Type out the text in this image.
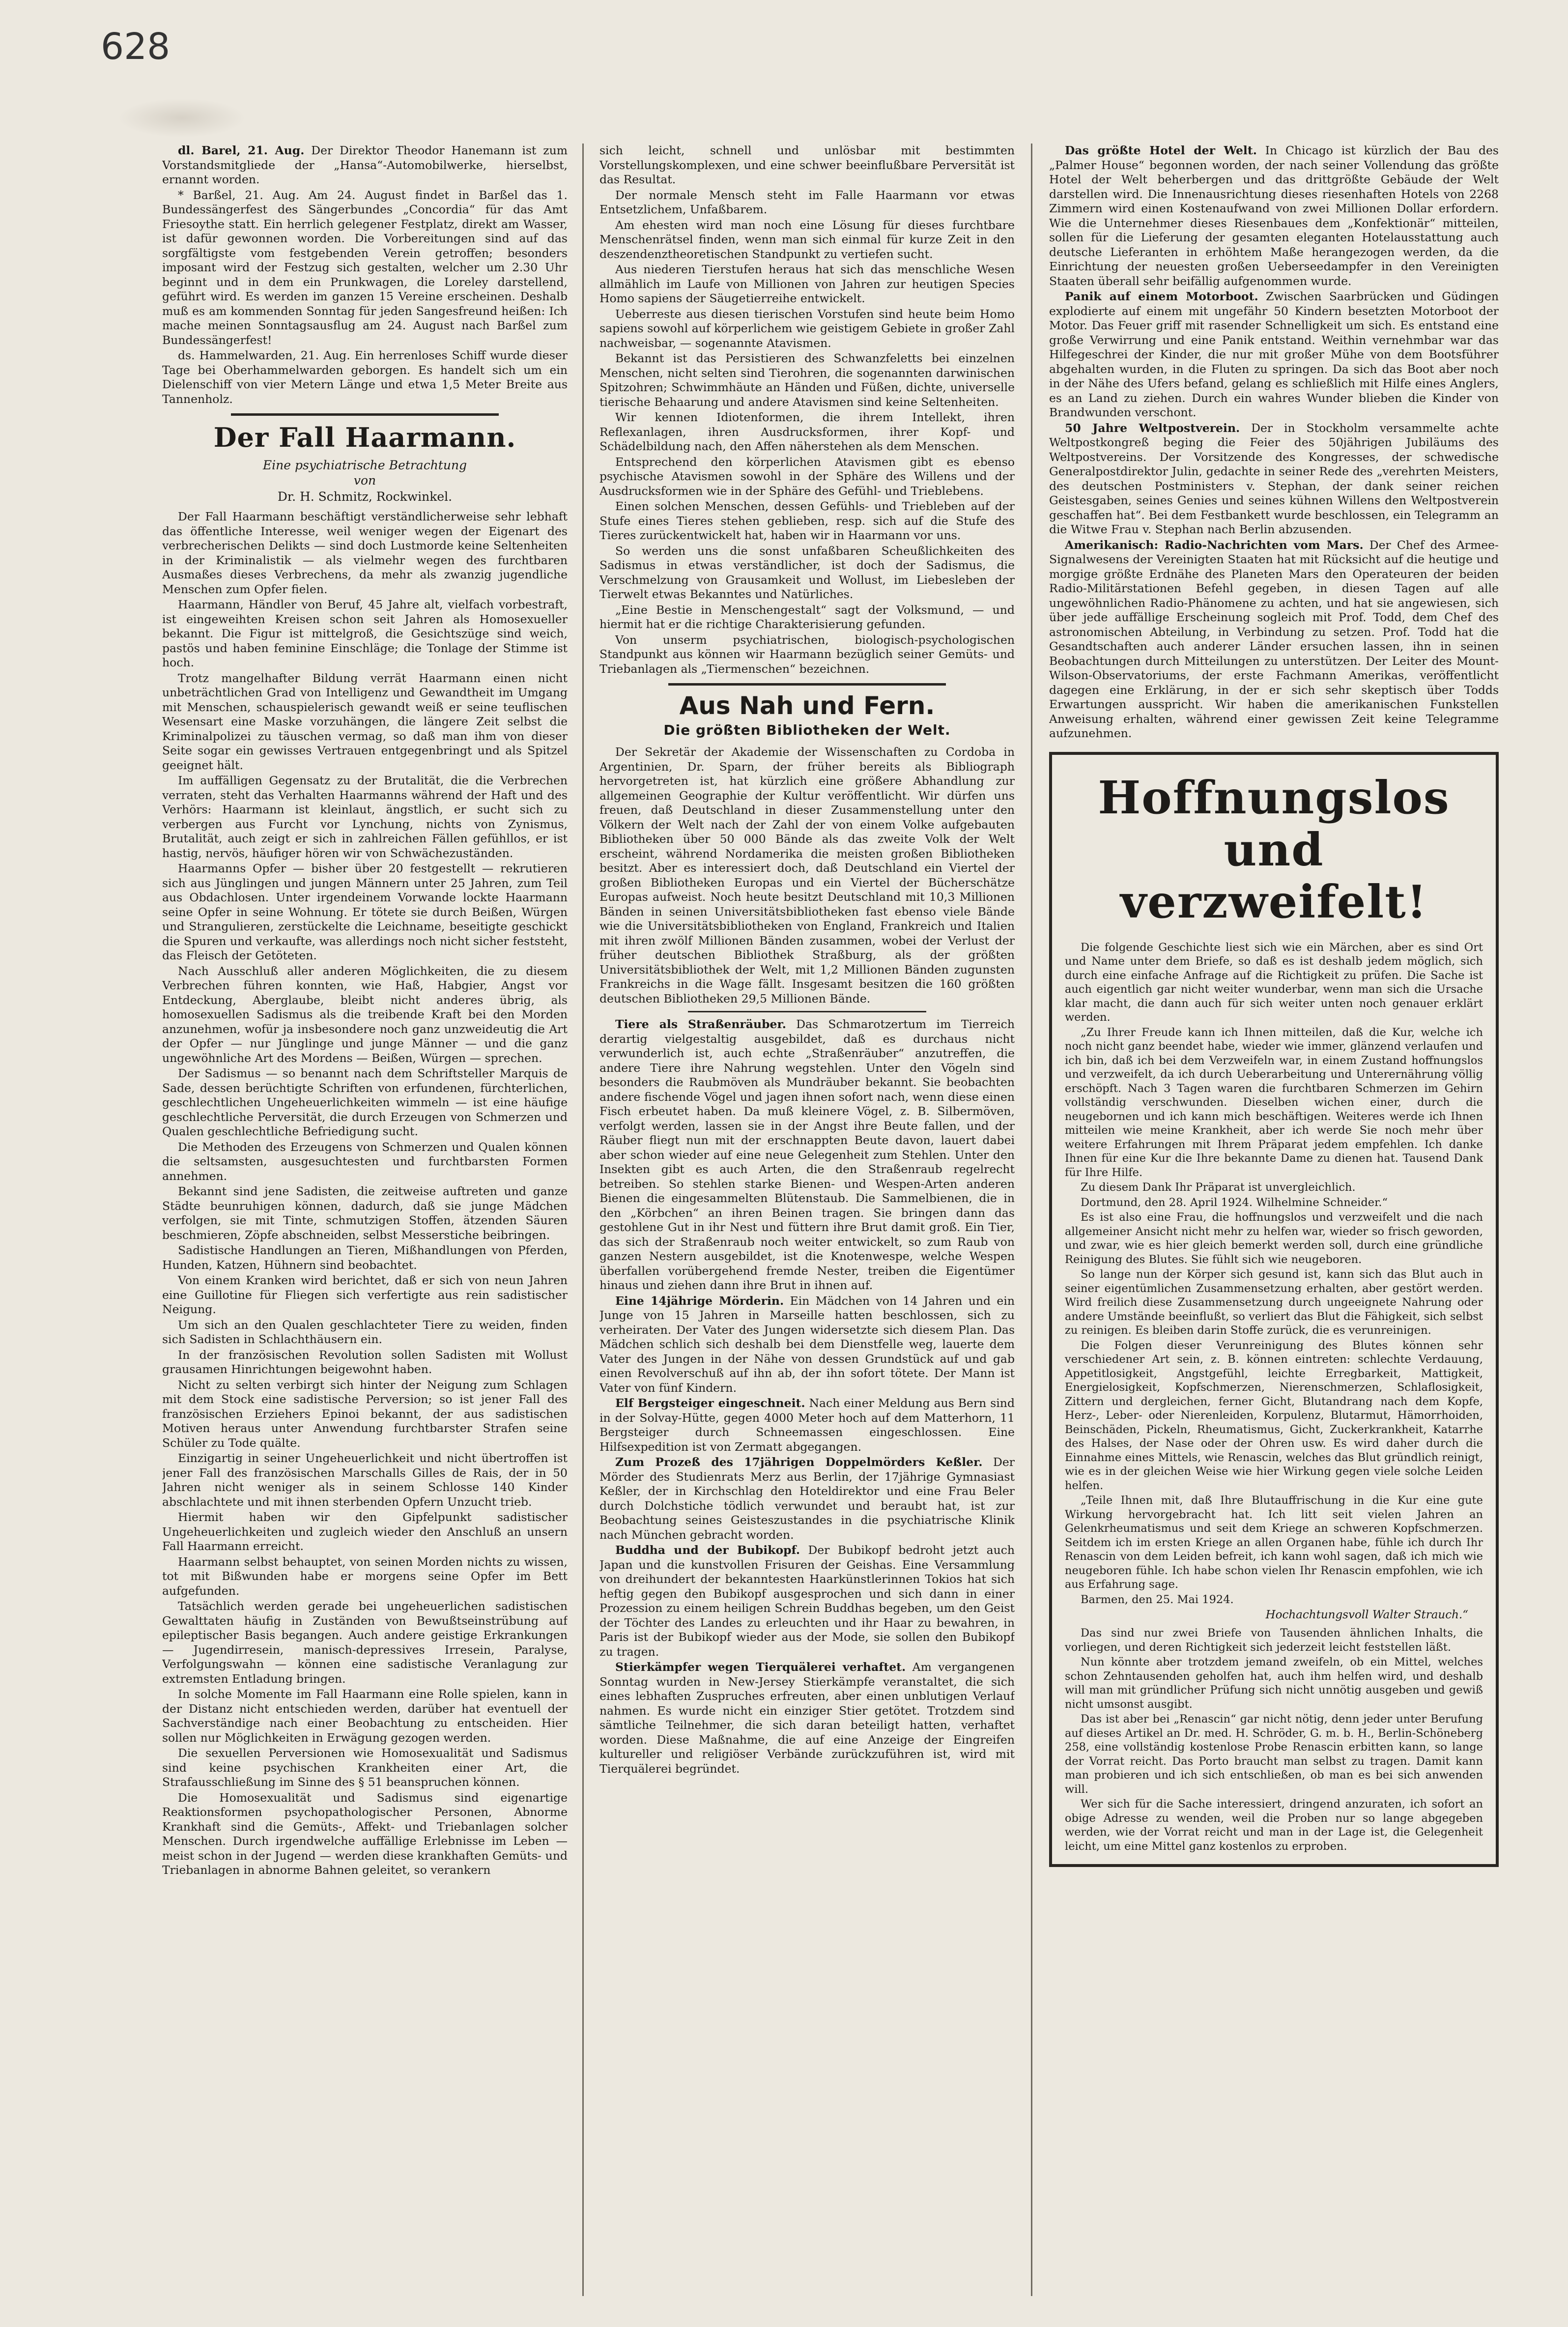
628

dl. Barel, 21. Aug. Der Direktor Theodor Hanemann ist zum Vorstandsmitgliede der „Hansa“-Automobilwerke, hierselbst, ernannt worden.

* Barßel, 21. Aug. Am 24. August findet in Barßel das 1. Bundessängerfest des Sängerbundes „Concordia“ für das Amt Friesoythe statt. Ein herrlich gelegener Festplatz, direkt am Wasser, ist dafür gewonnen worden. Die Vorbereitungen sind auf das sorgfältigste vom festgebenden Verein getroffen; besonders imposant wird der Festzug sich gestalten, welcher um 2.30 Uhr beginnt und in dem ein Prunkwagen, die Loreley darstellend, geführt wird. Es werden im ganzen 15 Vereine erscheinen. Deshalb muß es am kommenden Sonntag für jeden Sangesfreund heißen: Ich mache meinen Sonntagsausflug am 24. August nach Barßel zum Bundessängerfest!

ds. Hammelwarden, 21. Aug. Ein herrenloses Schiff wurde dieser Tage bei Oberhammelwarden geborgen. Es handelt sich um ein Dielenschiff von vier Metern Länge und etwa 1,5 Meter Breite aus Tannenholz.

Der Fall Haarmann.
Eine psychiatrische Betrachtung
von
Dr. H. Schmitz, Rockwinkel.

Der Fall Haarmann beschäftigt verständlicherweise sehr lebhaft das öffentliche Interesse, weil weniger wegen der Eigenart des verbrecherischen Delikts — sind doch Lustmorde keine Seltenheiten in der Kriminalistik — als vielmehr wegen des furchtbaren Ausmaßes dieses Verbrechens, da mehr als zwanzig jugendliche Menschen zum Opfer fielen.

Haarmann, Händler von Beruf, 45 Jahre alt, vielfach vorbestraft, ist eingeweihten Kreisen schon seit Jahren als Homosexueller bekannt. Die Figur ist mittelgroß, die Gesichtszüge sind weich, pastös und haben feminine Einschläge; die Tonlage der Stimme ist hoch.

Trotz mangelhafter Bildung verrät Haarmann einen nicht unbeträchtlichen Grad von Intelligenz und Gewandtheit im Umgang mit Menschen, schauspielerisch gewandt weiß er seine teuflischen Wesensart eine Maske vorzuhängen, die längere Zeit selbst die Kriminalpolizei zu täuschen vermag, so daß man ihm von dieser Seite sogar ein gewisses Vertrauen entgegenbringt und als Spitzel geeignet hält.

Im auffälligen Gegensatz zu der Brutalität, die die Verbrechen verraten, steht das Verhalten Haarmanns während der Haft und des Verhörs: Haarmann ist kleinlaut, ängstlich, er sucht sich zu verbergen aus Furcht vor Lynchung, nichts von Zynismus, Brutalität, auch zeigt er sich in zahlreichen Fällen gefühllos, er ist hastig, nervös, häufiger hören wir von Schwächezuständen.

Haarmanns Opfer — bisher über 20 festgestellt — rekrutieren sich aus Jünglingen und jungen Männern unter 25 Jahren, zum Teil aus Obdachlosen. Unter irgendeinem Vorwande lockte Haarmann seine Opfer in seine Wohnung. Er tötete sie durch Beißen, Würgen und Strangulieren, zerstückelte die Leichname, beseitigte geschickt die Spuren und verkaufte, was allerdings noch nicht sicher feststeht, das Fleisch der Getöteten.

Nach Ausschluß aller anderen Möglichkeiten, die zu diesem Verbrechen führen konnten, wie Haß, Habgier, Angst vor Entdeckung, Aberglaube, bleibt nicht anderes übrig, als homosexuellen Sadismus als die treibende Kraft bei den Morden anzunehmen, wofür ja insbesondere noch ganz unzweideutig die Art der Opfer — nur Jünglinge und junge Männer — und die ganz ungewöhnliche Art des Mordens — Beißen, Würgen — sprechen.

Der Sadismus — so benannt nach dem Schriftsteller Marquis de Sade, dessen berüchtigte Schriften von erfundenen, fürchterlichen, geschlechtlichen Ungeheuerlichkeiten wimmeln — ist eine häufige geschlechtliche Perversität, die durch Erzeugen von Schmerzen und Qualen geschlechtliche Befriedigung sucht.

Die Methoden des Erzeugens von Schmerzen und Qualen können die seltsamsten, ausgesuchtesten und furchtbarsten Formen annehmen.

Bekannt sind jene Sadisten, die zeitweise auftreten und ganze Städte beunruhigen können, dadurch, daß sie junge Mädchen verfolgen, sie mit Tinte, schmutzigen Stoffen, ätzenden Säuren beschmieren, Zöpfe abschneiden, selbst Messerstiche beibringen.

Sadistische Handlungen an Tieren, Mißhandlungen von Pferden, Hunden, Katzen, Hühnern sind beobachtet.

Von einem Kranken wird berichtet, daß er sich von neun Jahren eine Guillotine für Fliegen sich verfertigte aus rein sadistischer Neigung.

Um sich an den Qualen geschlachteter Tiere zu weiden, finden sich Sadisten in Schlachthäusern ein.

In der französischen Revolution sollen Sadisten mit Wollust grausamen Hinrichtungen beigewohnt haben.

Nicht zu selten verbirgt sich hinter der Neigung zum Schlagen mit dem Stock eine sadistische Perversion; so ist jener Fall des französischen Erziehers Epinoi bekannt, der aus sadistischen Motiven heraus unter Anwendung furchtbarster Strafen seine Schüler zu Tode quälte.

Einzigartig in seiner Ungeheuerlichkeit und nicht übertroffen ist jener Fall des französischen Marschalls Gilles de Rais, der in 50 Jahren nicht weniger als in seinem Schlosse 140 Kinder abschlachtete und mit ihnen sterbenden Opfern Unzucht trieb.

Hiermit haben wir den Gipfelpunkt sadistischer Ungeheuerlichkeiten und zugleich wieder den Anschluß an unsern Fall Haarmann erreicht.

Haarmann selbst behauptet, von seinen Morden nichts zu wissen, tot mit Bißwunden habe er morgens seine Opfer im Bett aufgefunden.

Tatsächlich werden gerade bei ungeheuerlichen sadistischen Gewalttaten häufig in Zuständen von Bewußtseinstrübung auf epileptischer Basis begangen. Auch andere geistige Erkrankungen — Jugendirresein, manisch-depressives Irresein, Paralyse, Verfolgungswahn — können eine sadistische Veranlagung zur extremsten Entladung bringen.

In solche Momente im Fall Haarmann eine Rolle spielen, kann in der Distanz nicht entschieden werden, darüber hat eventuell der Sachverständige nach einer Beobachtung zu entscheiden. Hier sollen nur Möglichkeiten in Erwägung gezogen werden.

Die sexuellen Perversionen wie Homosexualität und Sadismus sind keine psychischen Krankheiten einer Art, die Strafausschließung im Sinne des § 51 beanspruchen können.

Die Homosexualität und Sadismus sind eigenartige Reaktionsformen psychopathologischer Personen, Abnorme Krankhaft sind die Gemüts-, Affekt- und Triebanlagen solcher Menschen. Durch irgendwelche auffällige Erlebnisse im Leben — meist schon in der Jugend — werden diese krankhaften Gemüts- und Triebanlagen in abnorme Bahnen geleitet, so verankern

sich leicht, schnell und unlösbar mit bestimmten Vorstellungskomplexen, und eine schwer beeinflußbare Perversität ist das Resultat.

Der normale Mensch steht im Falle Haarmann vor etwas Entsetzlichem, Unfaßbarem.

Am ehesten wird man noch eine Lösung für dieses furchtbare Menschenrätsel finden, wenn man sich einmal für kurze Zeit in den deszendenztheoretischen Standpunkt zu vertiefen sucht.

Aus niederen Tierstufen heraus hat sich das menschliche Wesen allmählich im Laufe von Millionen von Jahren zur heutigen Species Homo sapiens der Säugetierreihe entwickelt.

Ueberreste aus diesen tierischen Vorstufen sind heute beim Homo sapiens sowohl auf körperlichem wie geistigem Gebiete in großer Zahl nachweisbar, — sogenannte Atavismen.

Bekannt ist das Persistieren des Schwanzfeletts bei einzelnen Menschen, nicht selten sind Tierohren, die sogenannten darwinischen Spitzohren; Schwimmhäute an Händen und Füßen, dichte, universelle tierische Behaarung und andere Atavismen sind keine Seltenheiten.

Wir kennen Idiotenformen, die ihrem Intellekt, ihren Reflexanlagen, ihren Ausdrucksformen, ihrer Kopf- und Schädelbildung nach, den Affen näherstehen als dem Menschen.

Entsprechend den körperlichen Atavismen gibt es ebenso psychische Atavismen sowohl in der Sphäre des Willens und der Ausdrucksformen wie in der Sphäre des Gefühl- und Trieblebens.

Einen solchen Menschen, dessen Gefühls- und Triebleben auf der Stufe eines Tieres stehen geblieben, resp. sich auf die Stufe des Tieres zurückentwickelt hat, haben wir in Haarmann vor uns.

So werden uns die sonst unfaßbaren Scheußlichkeiten des Sadismus in etwas verständlicher, ist doch der Sadismus, die Verschmelzung von Grausamkeit und Wollust, im Liebesleben der Tierwelt etwas Bekanntes und Natürliches.

„Eine Bestie in Menschengestalt“ sagt der Volksmund, — und hiermit hat er die richtige Charakterisierung gefunden.

Von unserm psychiatrischen, biologisch-psychologischen Standpunkt aus können wir Haarmann bezüglich seiner Gemüts- und Triebanlagen als „Tiermenschen“ bezeichnen.

Aus Nah und Fern.
Die größten Bibliotheken der Welt.

Der Sekretär der Akademie der Wissenschaften zu Cordoba in Argentinien, Dr. Sparn, der früher bereits als Bibliograph hervorgetreten ist, hat kürzlich eine größere Abhandlung zur allgemeinen Geographie der Kultur veröffentlicht. Wir dürfen uns freuen, daß Deutschland in dieser Zusammenstellung unter den Völkern der Welt nach der Zahl der von einem Volke aufgebauten Bibliotheken über 50 000 Bände als das zweite Volk der Welt erscheint, während Nordamerika die meisten großen Bibliotheken besitzt. Aber es interessiert doch, daß Deutschland ein Viertel der großen Bibliotheken Europas und ein Viertel der Bücherschätze Europas aufweist. Noch heute besitzt Deutschland mit 10,3 Millionen Bänden in seinen Universitätsbibliotheken fast ebenso viele Bände wie die Universitätsbibliotheken von England, Frankreich und Italien mit ihren zwölf Millionen Bänden zusammen, wobei der Verlust der früher deutschen Bibliothek Straßburg, als der größten Universitätsbibliothek der Welt, mit 1,2 Millionen Bänden zugunsten Frankreichs in die Wage fällt. Insgesamt besitzen die 160 größten deutschen Bibliotheken 29,5 Millionen Bände.

Tiere als Straßenräuber. Das Schmarotzertum im Tierreich derartig vielgestaltig ausgebildet, daß es durchaus nicht verwunderlich ist, auch echte „Straßenräuber“ anzutreffen, die andere Tiere ihre Nahrung wegstehlen. Unter den Vögeln sind besonders die Raubmöven als Mundräuber bekannt. Sie beobachten andere fischende Vögel und jagen ihnen sofort nach, wenn diese einen Fisch erbeutet haben. Da muß kleinere Vögel, z. B. Silbermöven, verfolgt werden, lassen sie in der Angst ihre Beute fallen, und der Räuber fliegt nun mit der erschnappten Beute davon, lauert dabei aber schon wieder auf eine neue Gelegenheit zum Stehlen. Unter den Insekten gibt es auch Arten, die den Straßenraub regelrecht betreiben. So stehlen starke Bienen- und Wespen-Arten anderen Bienen die eingesammelten Blütenstaub. Die Sammelbienen, die in den „Körbchen“ an ihren Beinen tragen. Sie bringen dann das gestohlene Gut in ihr Nest und füttern ihre Brut damit groß. Ein Tier, das sich der Straßenraub noch weiter entwickelt, so zum Raub von ganzen Nestern ausgebildet, ist die Knotenwespe, welche Wespen überfallen vorübergehend fremde Nester, treiben die Eigentümer hinaus und ziehen dann ihre Brut in ihnen auf.

Eine 14jährige Mörderin. Ein Mädchen von 14 Jahren und ein Junge von 15 Jahren in Marseille hatten beschlossen, sich zu verheiraten. Der Vater des Jungen widersetzte sich diesem Plan. Das Mädchen schlich sich deshalb bei dem Dienstfelle weg, lauerte dem Vater des Jungen in der Nähe von dessen Grundstück auf und gab einen Revolverschuß auf ihn ab, der ihn sofort tötete. Der Mann ist Vater von fünf Kindern.

Elf Bergsteiger eingeschneit. Nach einer Meldung aus Bern sind in der Solvay-Hütte, gegen 4000 Meter hoch auf dem Matterhorn, 11 Bergsteiger durch Schneemassen eingeschlossen. Eine Hilfsexpedition ist von Zermatt abgegangen.

Zum Prozeß des 17jährigen Doppelmörders Keßler. Der Mörder des Studienrats Merz aus Berlin, der 17jährige Gymnasiast Keßler, der in Kirchschlag den Hoteldirektor und eine Frau Beler durch Dolchstiche tödlich verwundet und beraubt hat, ist zur Beobachtung seines Geisteszustandes in die psychiatrische Klinik nach München gebracht worden.

Buddha und der Bubikopf. Der Bubikopf bedroht jetzt auch Japan und die kunstvollen Frisuren der Geishas. Eine Versammlung von dreihundert der bekanntesten Haarkünstlerinnen Tokios hat sich heftig gegen den Bubikopf ausgesprochen und sich dann in einer Prozession zu einem heiligen Schrein Buddhas begeben, um den Geist der Töchter des Landes zu erleuchten und ihr Haar zu bewahren, in Paris ist der Bubikopf wieder aus der Mode, sie sollen den Bubikopf zu tragen.

Stierkämpfer wegen Tierquälerei verhaftet. Am vergangenen Sonntag wurden in New-Jersey Stierkämpfe veranstaltet, die sich eines lebhaften Zuspruches erfreuten, aber einen unblutigen Verlauf nahmen. Es wurde nicht ein einziger Stier getötet. Trotzdem sind sämtliche Teilnehmer, die sich daran beteiligt hatten, verhaftet worden. Diese Maßnahme, die auf eine Anzeige der Eingreifen kultureller und religiöser Verbände zurückzuführen ist, wird mit Tierquälerei begründet.

Das größte Hotel der Welt. In Chicago ist kürzlich der Bau des „Palmer House“ begonnen worden, der nach seiner Vollendung das größte Hotel der Welt beherbergen und das drittgrößte Gebäude der Welt darstellen wird. Die Innenausrichtung dieses riesenhaften Hotels von 2268 Zimmern wird einen Kostenaufwand von zwei Millionen Dollar erfordern. Wie die Unternehmer dieses Riesenbaues dem „Konfektionär“ mitteilen, sollen für die Lieferung der gesamten eleganten Hotelausstattung auch deutsche Lieferanten in erhöhtem Maße herangezogen werden, da die Einrichtung der neuesten großen Ueberseedampfer in den Vereinigten Staaten überall sehr beifällig aufgenommen wurde.

Panik auf einem Motorboot. Zwischen Saarbrücken und Güdingen explodierte auf einem mit ungefähr 50 Kindern besetzten Motorboot der Motor. Das Feuer griff mit rasender Schnelligkeit um sich. Es entstand eine große Verwirrung und eine Panik entstand. Weithin vernehmbar war das Hilfegeschrei der Kinder, die nur mit großer Mühe von dem Bootsführer abgehalten wurden, in die Fluten zu springen. Da sich das Boot aber noch in der Nähe des Ufers befand, gelang es schließlich mit Hilfe eines Anglers, es an Land zu ziehen. Durch ein wahres Wunder blieben die Kinder von Brandwunden verschont.

50 Jahre Weltpostverein. Der in Stockholm versammelte achte Weltpostkongreß beging die Feier des 50jährigen Jubiläums des Weltpostvereins. Der Vorsitzende des Kongresses, der schwedische Generalpostdirektor Julin, gedachte in seiner Rede des „verehrten Meisters, des deutschen Postministers v. Stephan, der dank seiner reichen Geistesgaben, seines Genies und seines kühnen Willens den Weltpostverein geschaffen hat“. Bei dem Festbankett wurde beschlossen, ein Telegramm an die Witwe Frau v. Stephan nach Berlin abzusenden.

Amerikanisch: Radio-Nachrichten vom Mars. Der Chef des Armee-Signalwesens der Vereinigten Staaten hat mit Rücksicht auf die heutige und morgige größte Erdnähe des Planeten Mars den Operateuren der beiden Radio-Militärstationen Befehl gegeben, in diesen Tagen auf alle ungewöhnlichen Radio-Phänomene zu achten, und hat sie angewiesen, sich über jede auffällige Erscheinung sogleich mit Prof. Todd, dem Chef des astronomischen Abteilung, in Verbindung zu setzen. Prof. Todd hat die Gesandtschaften auch anderer Länder ersuchen lassen, ihn in seinen Beobachtungen durch Mitteilungen zu unterstützen. Der Leiter des Mount-Wilson-Observatoriums, der erste Fachmann Amerikas, veröffentlicht dagegen eine Erklärung, in der er sich sehr skeptisch über Todds Erwartungen ausspricht. Wir haben die amerikanischen Funkstellen Anweisung erhalten, während einer gewissen Zeit keine Telegramme aufzunehmen.

Hoffnungslos und verzweifelt!

Die folgende Geschichte liest sich wie ein Märchen, aber es sind Ort und Name unter dem Briefe, so daß es ist deshalb jedem möglich, sich durch eine einfache Anfrage auf die Richtigkeit zu prüfen. Die Sache ist auch eigentlich gar nicht weiter wunderbar, wenn man sich die Ursache klar macht, die dann auch für sich weiter unten noch genauer erklärt werden.

„Zu Ihrer Freude kann ich Ihnen mitteilen, daß die Kur, welche ich noch nicht ganz beendet habe, wieder wie immer, glänzend verlaufen und ich bin, daß ich bei dem Verzweifeln war, in einem Zustand hoffnungslos und verzweifelt, da ich durch Ueberarbeitung und Unterernährung völlig erschöpft. Nach 3 Tagen waren die furchtbaren Schmerzen im Gehirn vollständig verschwunden. Dieselben wichen einer, durch die neugebornen und ich kann mich beschäftigen. Weiteres werde ich Ihnen mitteilen wie meine Krankheit, aber ich werde Sie noch mehr über weitere Erfahrungen mit Ihrem Präparat jedem empfehlen. Ich danke Ihnen für eine Kur die Ihre bekannte Dame zu dienen hat. Tausend Dank für Ihre Hilfe.

Zu diesem Dank Ihr Präparat ist unvergleichlich.

Dortmund, den 28. April 1924. Wilhelmine Schneider.“

Es ist also eine Frau, die hoffnungslos und verzweifelt und die nach allgemeiner Ansicht nicht mehr zu helfen war, wieder so frisch geworden, und zwar, wie es hier gleich bemerkt werden soll, durch eine gründliche Reinigung des Blutes. Sie fühlt sich wie neugeboren.

So lange nun der Körper sich gesund ist, kann sich das Blut auch in seiner eigentümlichen Zusammensetzung erhalten, aber gestört werden. Wird freilich diese Zusammensetzung durch ungeeignete Nahrung oder andere Umstände beeinflußt, so verliert das Blut die Fähigkeit, sich selbst zu reinigen. Es bleiben darin Stoffe zurück, die es verunreinigen.

Die Folgen dieser Verunreinigung des Blutes können sehr verschiedener Art sein, z. B. können eintreten: schlechte Verdauung, Appetitlosigkeit, Angstgefühl, leichte Erregbarkeit, Mattigkeit, Energielosigkeit, Kopfschmerzen, Nierenschmerzen, Schlaflosigkeit, Zittern und dergleichen, ferner Gicht, Blutandrang nach dem Kopfe, Herz-, Leber- oder Nierenleiden, Korpulenz, Blutarmut, Hämorrhoiden, Beinschäden, Pickeln, Rheumatismus, Gicht, Zuckerkrankheit, Katarrhe des Halses, der Nase oder der Ohren usw. Es wird daher durch die Einnahme eines Mittels, wie Renascin, welches das Blut gründlich reinigt, wie es in der gleichen Weise wie hier Wirkung gegen viele solche Leiden helfen.

„Teile Ihnen mit, daß Ihre Blutauffrischung in die Kur eine gute Wirkung hervorgebracht hat. Ich litt seit vielen Jahren an Gelenkrheumatismus und seit dem Kriege an schweren Kopfschmerzen. Seitdem ich im ersten Kriege an allen Organen habe, fühle ich durch Ihr Renascin von dem Leiden befreit, ich kann wohl sagen, daß ich mich wie neugeboren fühle. Ich habe schon vielen Ihr Renascin empfohlen, wie ich aus Erfahrung sage.

Barmen, den 25. Mai 1924.

Hochachtungsvoll Walter Strauch.“

Das sind nur zwei Briefe von Tausenden ähnlichen Inhalts, die vorliegen, und deren Richtigkeit sich jederzeit leicht feststellen läßt.

Nun könnte aber trotzdem jemand zweifeln, ob ein Mittel, welches schon Zehntausenden geholfen hat, auch ihm helfen wird, und deshalb will man mit gründlicher Prüfung sich nicht unnötig ausgeben und gewiß nicht umsonst ausgibt.

Das ist aber bei „Renascin“ gar nicht nötig, denn jeder unter Berufung auf dieses Artikel an Dr. med. H. Schröder, G. m. b. H., Berlin-Schöneberg 258, eine vollständig kostenlose Probe Renascin erbitten kann, so lange der Vorrat reicht. Das Porto braucht man selbst zu tragen. Damit kann man probieren und ich sich entschließen, ob man es bei sich anwenden will.

Wer sich für die Sache interessiert, dringend anzuraten, ich sofort an obige Adresse zu wenden, weil die Proben nur so lange abgegeben werden, wie der Vorrat reicht und man in der Lage ist, die Gelegenheit leicht, um eine Mittel ganz kostenlos zu erproben.
